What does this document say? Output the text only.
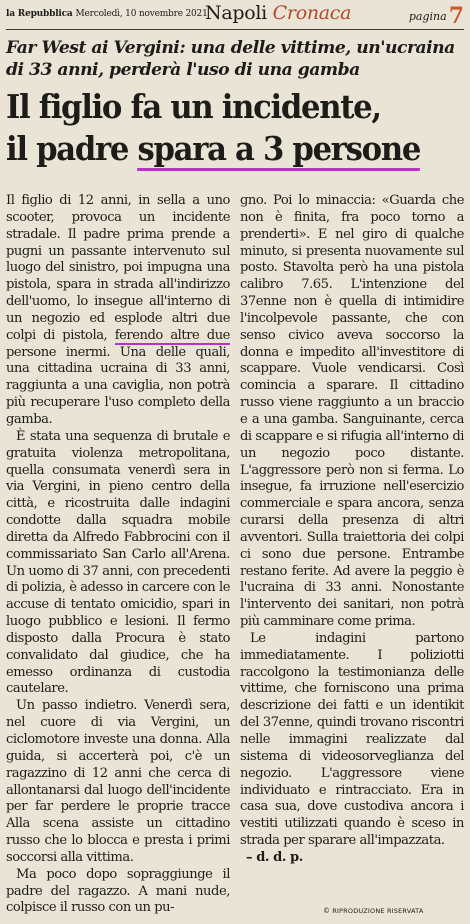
la Repubblica Mercoledì, 10 novembre 2021
Napoli Cronaca	pagina7
Far West ai Vergini: una delle vittime, un'ucraina di 33 anni, perderà l'uso di una gamba
Il figlio fa un incidente,
il padre spara a 3 persone

Il figlio di 12 anni, in sella a uno scooter, provoca un incidente stradale. Il padre prima prende a pugni un passante intervenuto sul luogo del sinistro, poi impugna una pistola, spara in strada all'indirizzo dell'uomo, lo insegue all'interno di un negozio ed esplode altri due colpi di pistola, ferendo altre due persone inermi. Una delle quali, una cittadina ucraina di 33 anni, raggiunta a una caviglia, non potrà più recuperare l'uso completo della gamba.

È stata una sequenza di brutale e gratuita violenza metropolitana, quella consumata venerdì sera in via Vergini, in pieno centro della città, e ricostruita dalle indagini condotte dalla squadra mobile diretta da Alfredo Fabbrocini con il commissariato San Carlo all'Arena. Un uomo di 37 anni, con precedenti di polizia, è adesso in carcere con le accuse di tentato omicidio, spari in luogo pubblico e lesioni. Il fermo disposto dalla Procura è stato convalidato dal giudice, che ha emesso ordinanza di custodia cautelare.

Un passo indietro. Venerdì sera, nel cuore di via Vergini, un ciclomotore investe una donna. Alla guida, si accerterà poi, c'è un ragazzino di 12 anni che cerca di allontanarsi dal luogo dell'incidente per far perdere le proprie tracce Alla scena assiste un cittadino russo che lo blocca e presta i primi soccorsi alla vittima.

Ma poco dopo sopraggiunge il padre del ragazzo. A mani nude, colpisce il russo con un pu-

gno. Poi lo minaccia: «Guarda che non è finita, fra poco torno a prenderti». E nel giro di qualche minuto, si presenta nuovamente sul posto. Stavolta però ha una pistola calibro 7.65. L'intenzione del 37enne non è quella di intimidire l'incolpevole passante, che con senso civico aveva soccorso la donna e impedito all'investitore di scappare. Vuole vendicarsi. Così comincia a sparare. Il cittadino russo viene raggiunto a un braccio e a una gamba. Sanguinante, cerca di scappare e si rifugia all'interno di un negozio poco distante. L'aggressore però non si ferma. Lo insegue, fa irruzione nell'esercizio commerciale e spara ancora, senza curarsi della presenza di altri avventori. Sulla traiettoria dei colpi ci sono due persone. Entrambe restano ferite. Ad avere la peggio è l'ucraina di 33 anni. Nonostante l'intervento dei sanitari, non potrà più camminare come prima.

Le indagini partono immediatamente. I poliziotti raccolgono la testimonianza delle vittime, che forniscono una prima descrizione dei fatti e un identikit del 37enne, quindi trovano riscontri nelle immagini realizzate dal sistema di videosorveglianza del negozio. L'aggressore viene individuato e rintracciato. Era in casa sua, dove custodiva ancora i vestiti utilizzati quando è sceso in strada per sparare all'impazzata.

– d. d. p.

© RIPRODUZIONE RISERVATA
